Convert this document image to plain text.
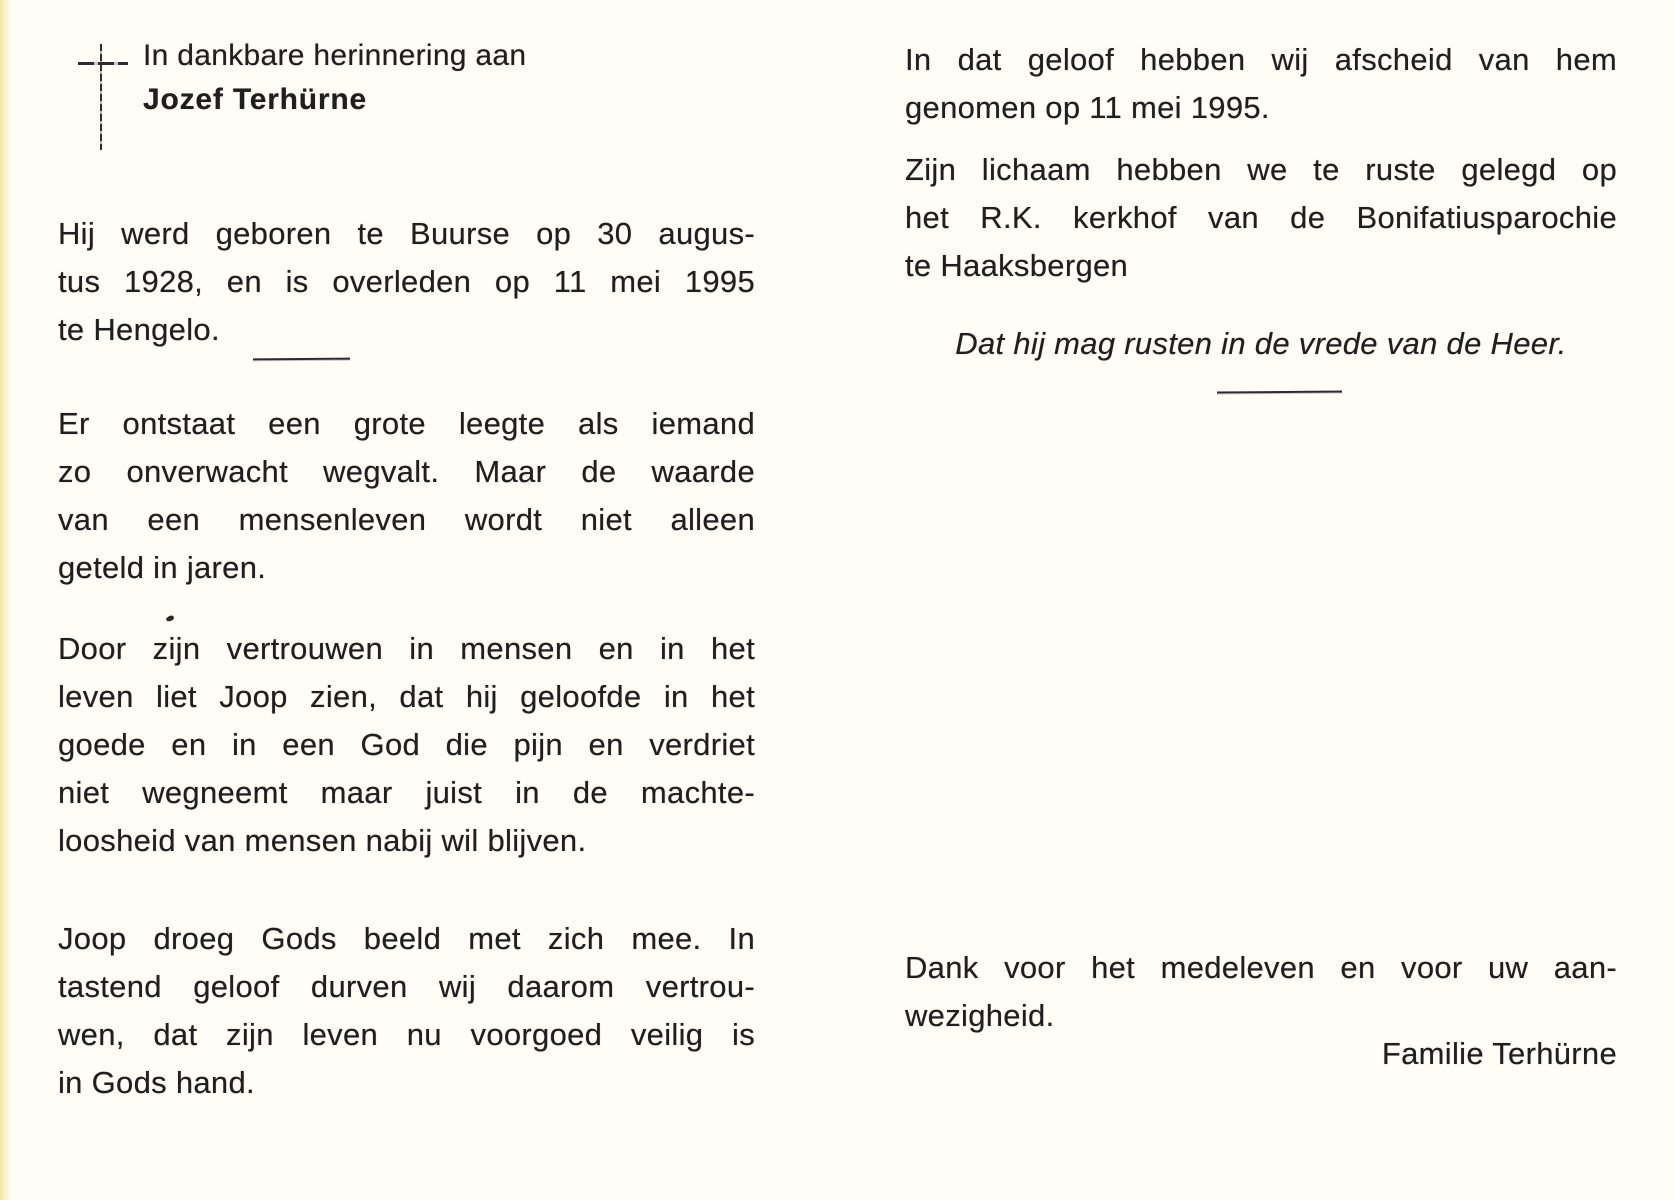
In dankbare herinnering aan
Jozef Terhürne
Hij werd geboren te Buurse op 30 augus-
tus 1928, en is overleden op 11 mei 1995
te Hengelo.
Er ontstaat een grote leegte als iemand
zo onverwacht wegvalt. Maar de waarde
van een mensenleven wordt niet alleen
geteld in jaren.
Door zijn vertrouwen in mensen en in het
leven liet Joop zien, dat hij geloofde in het
goede en in een God die pijn en verdriet
niet wegneemt maar juist in de machte-
loosheid van mensen nabij wil blijven.
Joop droeg Gods beeld met zich mee. In
tastend geloof durven wij daarom vertrou-
wen, dat zijn leven nu voorgoed veilig is
in Gods hand.
In dat geloof hebben wij afscheid van hem
genomen op 11 mei 1995.
Zijn lichaam hebben we te ruste gelegd op
het R.K. kerkhof van de Bonifatiusparochie
te Haaksbergen
Dat hij mag rusten in de vrede van de Heer.
Dank voor het medeleven en voor uw aan-
wezigheid.
Familie Terhürne
